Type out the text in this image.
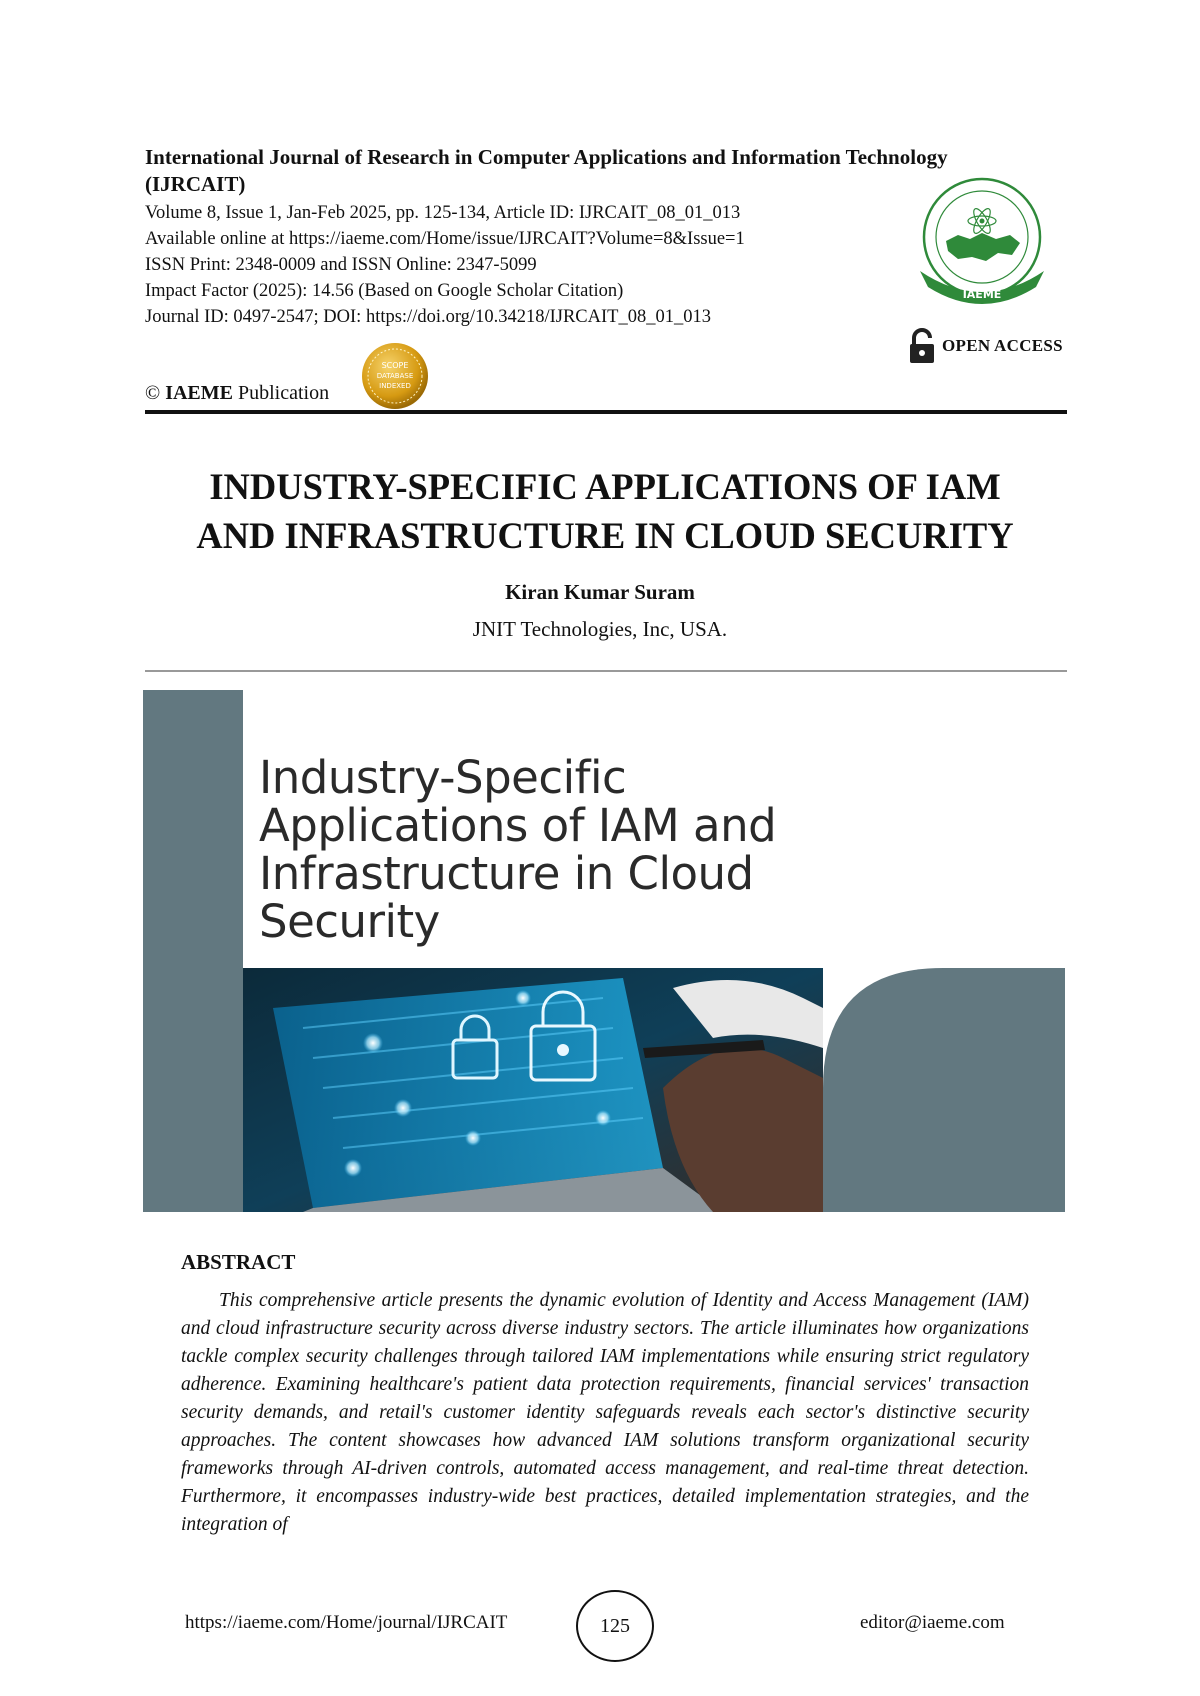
International Journal of Research in Computer Applications and Information Technology (IJRCAIT)
Volume 8, Issue 1, Jan-Feb 2025, pp. 125-134, Article ID: IJRCAIT_08_01_013
Available online at https://iaeme.com/Home/issue/IJRCAIT?Volume=8&Issue=1
ISSN Print: 2348-0009 and ISSN Online: 2347-5099
Impact Factor (2025): 14.56 (Based on Google Scholar Citation)
Journal ID: 0497-2547; DOI: https://doi.org/10.34218/IJRCAIT_08_01_013
© IAEME Publication
SCOPE
DATABASE
INDEXED
IAEME
OPEN ACCESS
INDUSTRY-SPECIFIC APPLICATIONS OF IAM
AND INFRASTRUCTURE IN CLOUD SECURITY
Kiran Kumar Suram
JNIT Technologies, Inc, USA.
Industry-Specific
Applications of IAM and
Infrastructure in Cloud
Security
ABSTRACT
This comprehensive article presents the dynamic evolution of Identity and Access Management (IAM) and cloud infrastructure security across diverse industry sectors. The article illuminates how organizations tackle complex security challenges through tailored IAM implementations while ensuring strict regulatory adherence. Examining healthcare's patient data protection requirements, financial services' transaction security demands, and retail's customer identity safeguards reveals each sector's distinctive security approaches. The content showcases how advanced IAM solutions transform organizational security frameworks through AI-driven controls, automated access management, and real-time threat detection. Furthermore, it encompasses industry-wide best practices, detailed implementation strategies, and the integration of
https://iaeme.com/Home/journal/IJRCAIT	125	editor@iaeme.com
